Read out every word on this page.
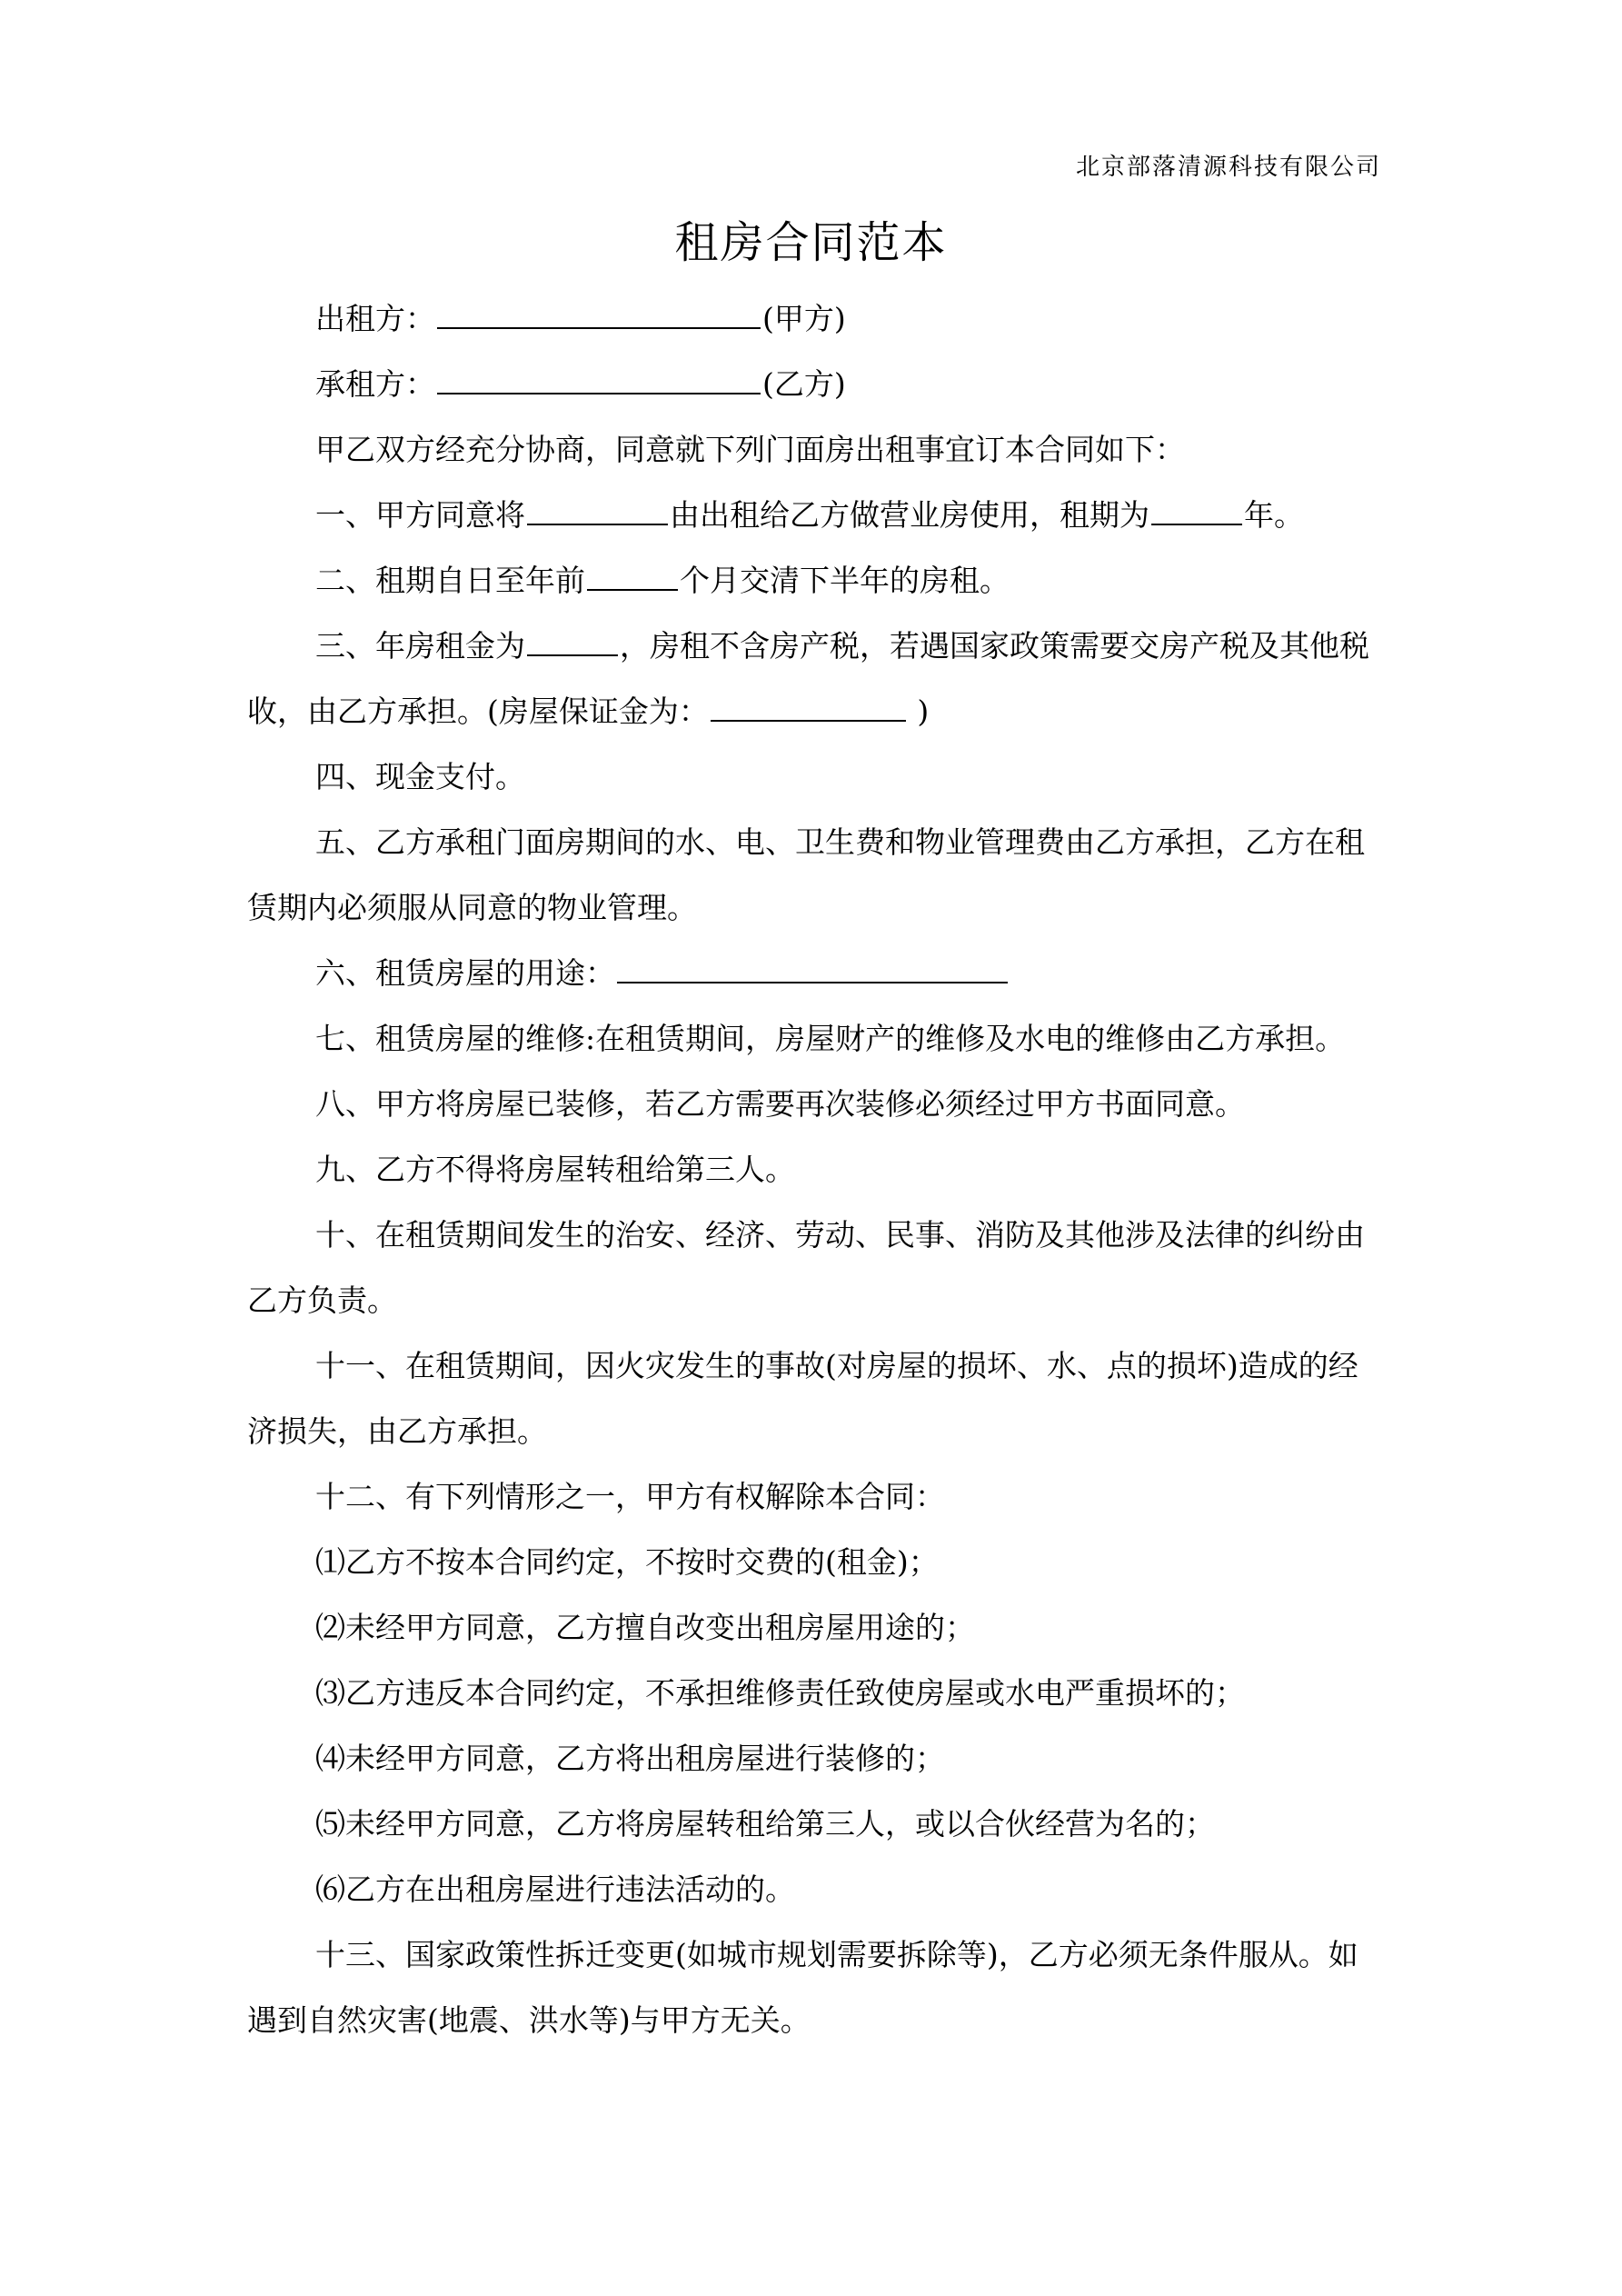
北京部落清源科技有限公司
租房合同范本

出租方：	(甲方)

承租方：	(乙方)

甲乙双方经充分协商，同意就下列门面房出租事宜订本合同如下：

一、甲方同意将	由出租给乙方做营业房使用，租期为	年。

二、租期自日至年前	个月交清下半年的房租。

三、年房租金为	，房租不含房产税，若遇国家政策需要交房产税及其他税收，由乙方承担。(房屋保证金为：	)

四、现金支付。

五、乙方承租门面房期间的水、电、卫生费和物业管理费由乙方承担，乙方在租赁期内必须服从同意的物业管理。

六、租赁房屋的用途：

七、租赁房屋的维修:在租赁期间，房屋财产的维修及水电的维修由乙方承担。

八、甲方将房屋已装修，若乙方需要再次装修必须经过甲方书面同意。

九、乙方不得将房屋转租给第三人。

十、在租赁期间发生的治安、经济、劳动、民事、消防及其他涉及法律的纠纷由乙方负责。

十一、在租赁期间，因火灾发生的事故(对房屋的损坏、水、点的损坏)造成的经济损失，由乙方承担。

十二、有下列情形之一，甲方有权解除本合同：

⑴乙方不按本合同约定，不按时交费的(租金)；

⑵未经甲方同意，乙方擅自改变出租房屋用途的；

⑶乙方违反本合同约定，不承担维修责任致使房屋或水电严重损坏的；

⑷未经甲方同意，乙方将出租房屋进行装修的；

⑸未经甲方同意，乙方将房屋转租给第三人，或以合伙经营为名的；

⑹乙方在出租房屋进行违法活动的。

十三、国家政策性拆迁变更(如城市规划需要拆除等)，乙方必须无条件服从。如遇到自然灾害(地震、洪水等)与甲方无关。
